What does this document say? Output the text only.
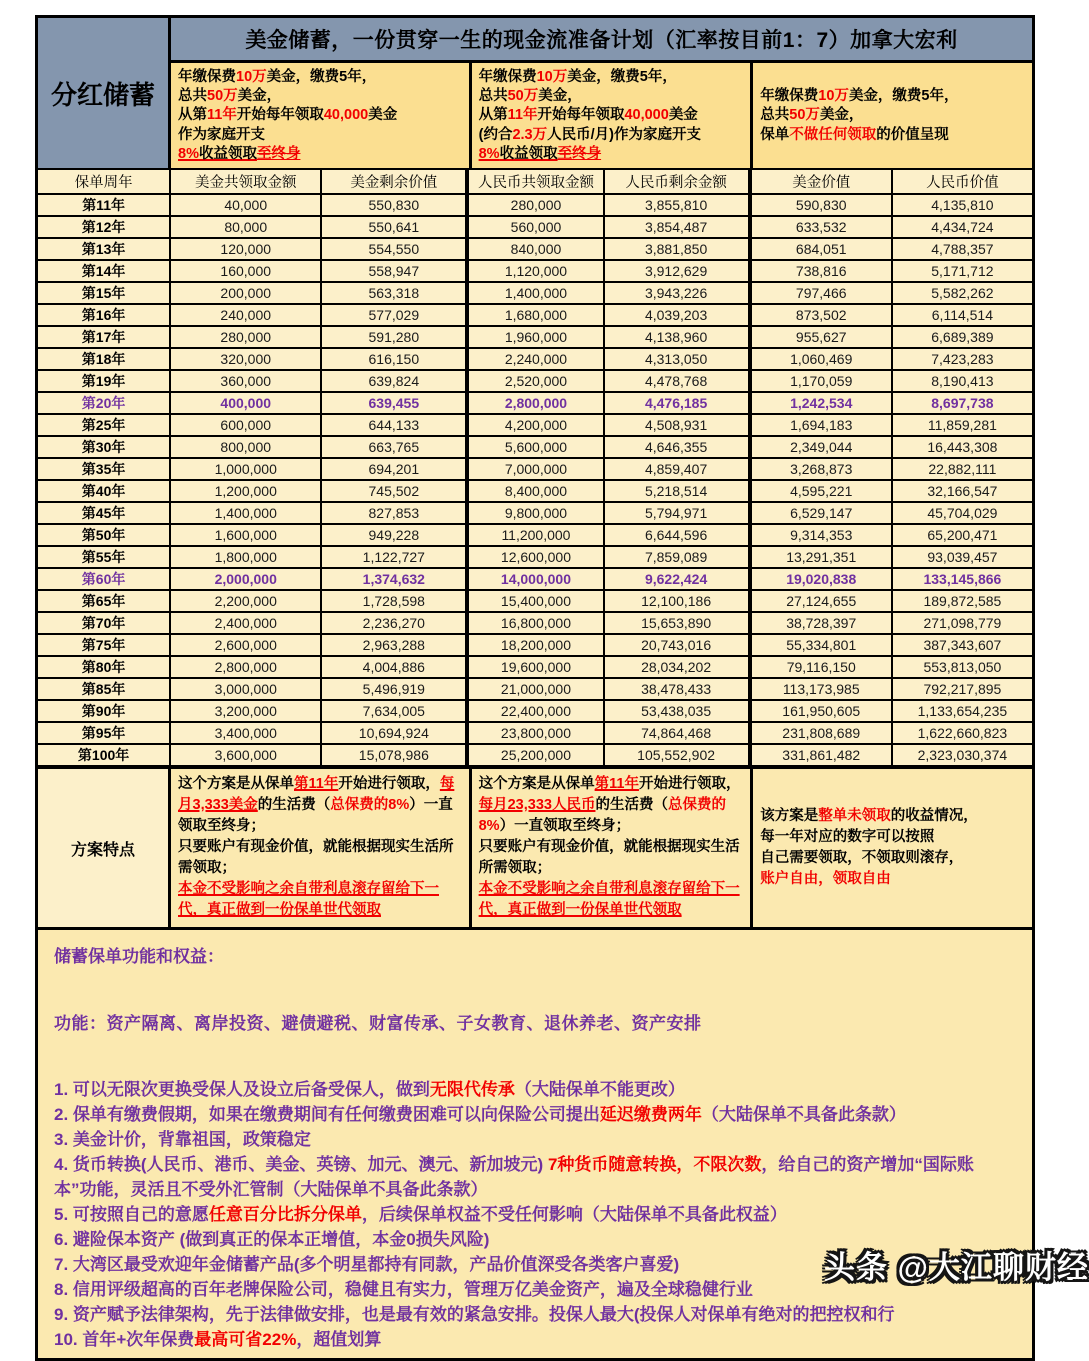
分红储蓄
美金储蓄，一份贯穿一生的现金流准备计划（汇率按目前1：7）加拿大宏利
年缴保费10万美金，缴费5年，
总共50万美金，
从第11年开始每年领取40,000美金
作为家庭开支
8%收益领取至终身
年缴保费10万美金，缴费5年，
总共50万美金，
从第11年开始每年领取40,000美金
(约合2.3万人民币/月)作为家庭开支
8%收益领取至终身
年缴保费10万美金，缴费5年，
总共50万美金，
保单不做任何领取的价值呈现
保单周年	美金共领取金额	美金剩余价值	人民币共领取金额	人民币剩余金额	美金价值	人民币价值
第11年	40,000	550,830	280,000	3,855,810	590,830	4,135,810
第12年	80,000	550,641	560,000	3,854,487	633,532	4,434,724
第13年	120,000	554,550	840,000	3,881,850	684,051	4,788,357
第14年	160,000	558,947	1,120,000	3,912,629	738,816	5,171,712
第15年	200,000	563,318	1,400,000	3,943,226	797,466	5,582,262
第16年	240,000	577,029	1,680,000	4,039,203	873,502	6,114,514
第17年	280,000	591,280	1,960,000	4,138,960	955,627	6,689,389
第18年	320,000	616,150	2,240,000	4,313,050	1,060,469	7,423,283
第19年	360,000	639,824	2,520,000	4,478,768	1,170,059	8,190,413
第20年	400,000	639,455	2,800,000	4,476,185	1,242,534	8,697,738
第25年	600,000	644,133	4,200,000	4,508,931	1,694,183	11,859,281
第30年	800,000	663,765	5,600,000	4,646,355	2,349,044	16,443,308
第35年	1,000,000	694,201	7,000,000	4,859,407	3,268,873	22,882,111
第40年	1,200,000	745,502	8,400,000	5,218,514	4,595,221	32,166,547
第45年	1,400,000	827,853	9,800,000	5,794,971	6,529,147	45,704,029
第50年	1,600,000	949,228	11,200,000	6,644,596	9,314,353	65,200,471
第55年	1,800,000	1,122,727	12,600,000	7,859,089	13,291,351	93,039,457
第60年	2,000,000	1,374,632	14,000,000	9,622,424	19,020,838	133,145,866
第65年	2,200,000	1,728,598	15,400,000	12,100,186	27,124,655	189,872,585
第70年	2,400,000	2,236,270	16,800,000	15,653,890	38,728,397	271,098,779
第75年	2,600,000	2,963,288	18,200,000	20,743,016	55,334,801	387,343,607
第80年	2,800,000	4,004,886	19,600,000	28,034,202	79,116,150	553,813,050
第85年	3,000,000	5,496,919	21,000,000	38,478,433	113,173,985	792,217,895
第90年	3,200,000	7,634,005	22,400,000	53,438,035	161,950,605	1,133,654,235
第95年	3,400,000	10,694,924	23,800,000	74,864,468	231,808,689	1,622,660,823
第100年	3,600,000	15,078,986	25,200,000	105,552,902	331,861,482	2,323,030,374
方案特点
这个方案是从保单第11年开始进行领取，每月3,333美金的生活费（总保费的8%）一直领取至终身；
只要账户有现金价值，就能根据现实生活所需领取；
本金不受影响之余自带利息滚存留给下一代，真正做到一份保单世代领取
这个方案是从保单第11年开始进行领取，每月23,333人民币的生活费（总保费的8%）一直领取至终身；
只要账户有现金价值，就能根据现实生活所需领取；
本金不受影响之余自带利息滚存留给下一代，真正做到一份保单世代领取
该方案是整单未领取的收益情况，
每一年对应的数字可以按照
自己需要领取，不领取则滚存，
账户自由，领取自由
储蓄保单功能和权益：
功能：资产隔离、离岸投资、避债避税、财富传承、子女教育、退休养老、资产安排
1. 可以无限次更换受保人及设立后备受保人，做到无限代传承（大陆保单不能更改）
2. 保单有缴费假期，如果在缴费期间有任何缴费困难可以向保险公司提出延迟缴费两年（大陆保单不具备此条款）
3. 美金计价，背靠祖国，政策稳定
4. 货币转换(人民币、港币、美金、英镑、加元、澳元、新加坡元) 7种货币随意转换，不限次数，给自己的资产增加“国际账本”功能，灵活且不受外汇管制（大陆保单不具备此条款）
5. 可按照自己的意愿任意百分比拆分保单，后续保单权益不受任何影响（大陆保单不具备此权益）
6. 避险保本资产 (做到真正的保本正增值，本金0损失风险)
7. 大湾区最受欢迎年金储蓄产品(多个明星都持有同款，产品价值深受各类客户喜爱)
8. 信用评级超高的百年老牌保险公司，稳健且有实力，管理万亿美金资产，遍及全球稳健行业
9. 资产赋予法律架构，先于法律做安排，也是最有效的紧急安排。投保人最大(投保人对保单有绝对的把控权和行
10. 首年+次年保费最高可省22%，超值划算
头条 @大江聊财经
